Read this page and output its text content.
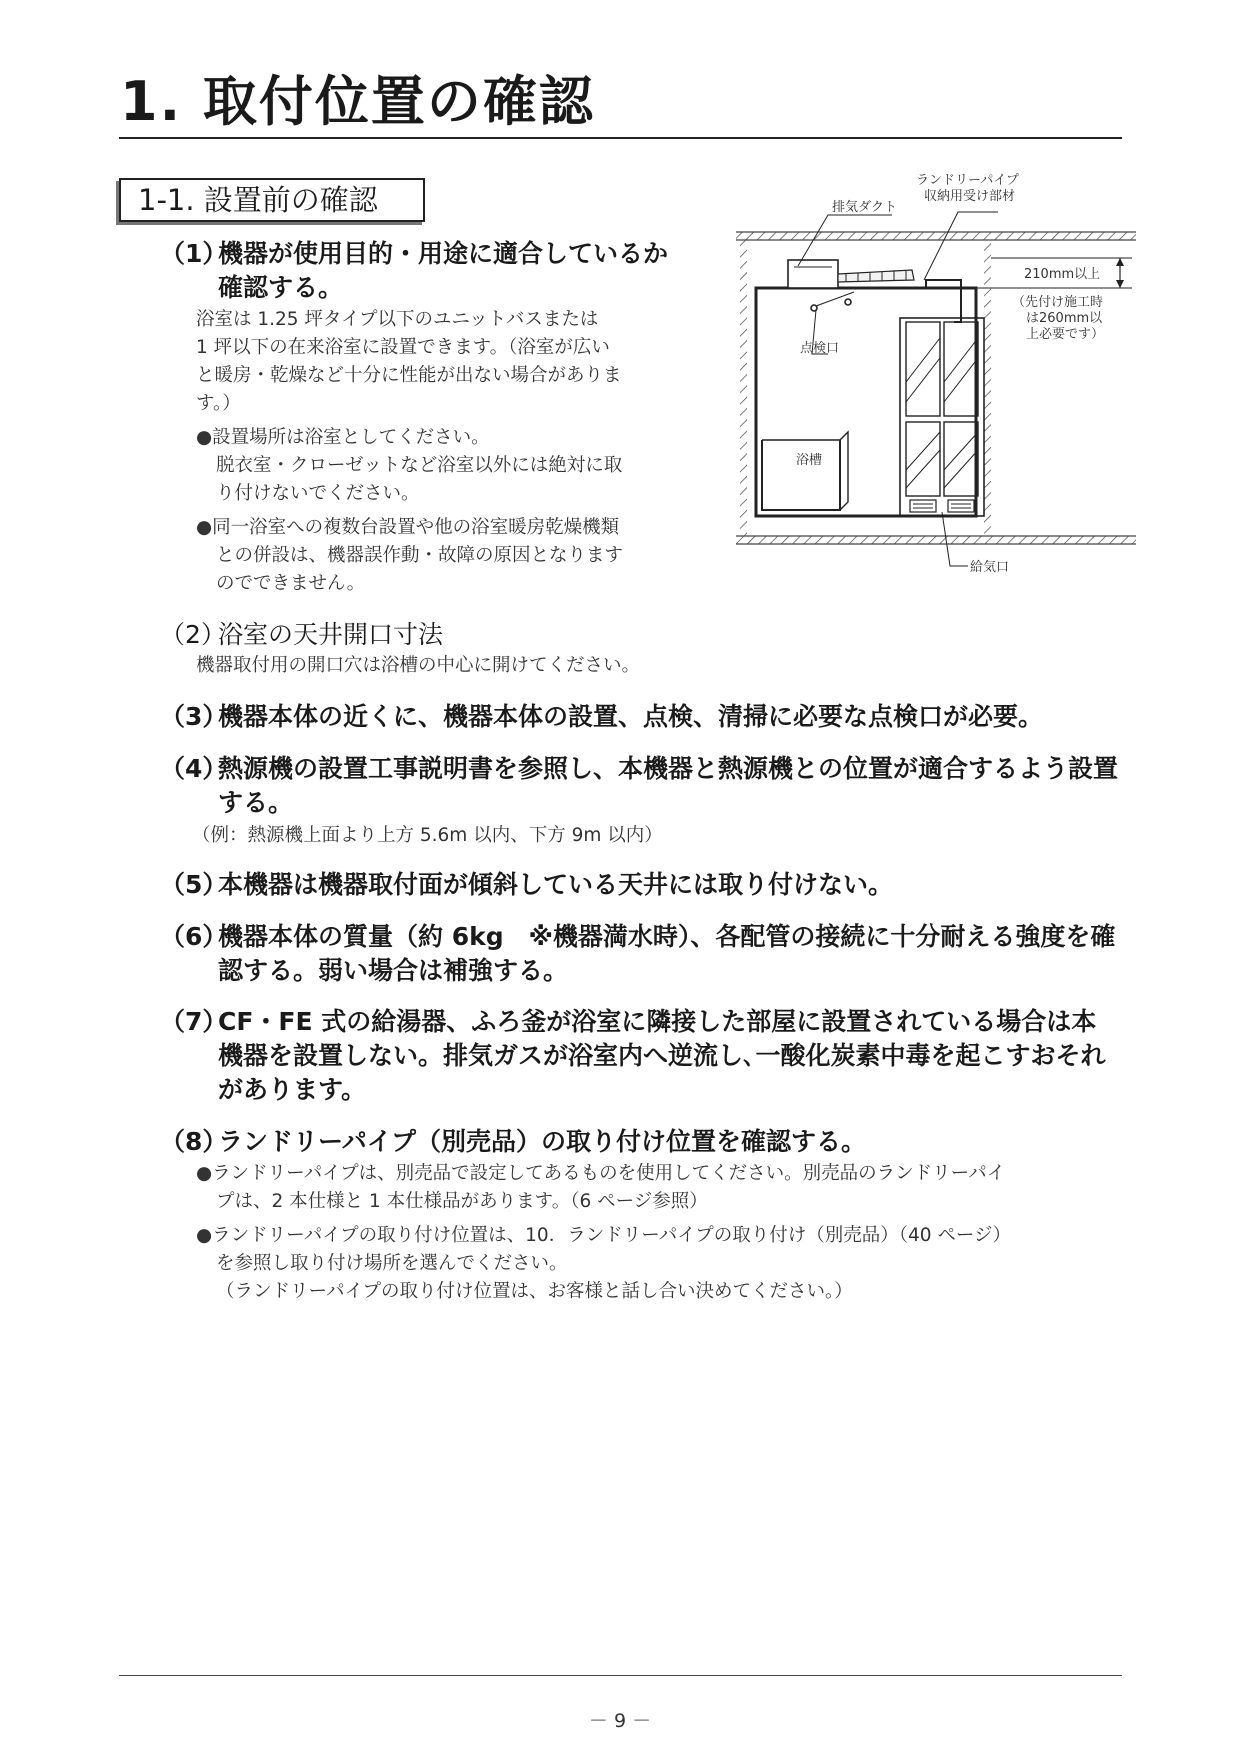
1. 取付位置の確認
1-1. 設置前の確認
（1）
機器が使用目的・用途に適合しているか
確認する。
浴室は 1.25 坪タイプ以下のユニットバスまたは
1 坪以下の在来浴室に設置できます。（浴室が広い
と暖房・乾燥など十分に性能が出ない場合がありま
す。）
●設置場所は浴室としてください。
脱衣室・クローゼットなど浴室以外には絶対に取
り付けないでください。
●同一浴室への複数台設置や他の浴室暖房乾燥機類
との併設は、機器誤作動・故障の原因となります
のでできません。
ランドリーパイプ
収納用受け部材
排気ダクト
210mm以上
（先付け施工時
は260mm以
上必要です）
点検口
浴槽
給気口
（2）
浴室の天井開口寸法
機器取付用の開口穴は浴槽の中心に開けてください。
（3）
機器本体の近くに、機器本体の設置、点検、清掃に必要な点検口が必要。
（4）
熱源機の設置工事説明書を参照し、本機器と熱源機との位置が適合するよう設置
する。
（例：熱源機上面より上方 5.6m 以内、下方 9m 以内）
（5）
本機器は機器取付面が傾斜している天井には取り付けない。
（6）
機器本体の質量（約 6kg　※機器満水時）、各配管の接続に十分耐える強度を確
認する。弱い場合は補強する。
（7）
CF・FE 式の給湯器、ふろ釜が浴室に隣接した部屋に設置されている場合は本
機器を設置しない。排気ガスが浴室内へ逆流し､一酸化炭素中毒を起こすおそれ
があります。
（8）
ランドリーパイプ（別売品）の取り付け位置を確認する。
●ランドリーパイプは、別売品で設定してあるものを使用してください。別売品のランドリーパイ
プは、2 本仕様と 1 本仕様品があります。（6 ページ参照）
●ランドリーパイプの取り付け位置は、10．ランドリーパイプの取り付け（別売品）（40 ページ）
を参照し取り付け場所を選んでください。
（ランドリーパイプの取り付け位置は、お客様と話し合い決めてください。）
－ 9 －
